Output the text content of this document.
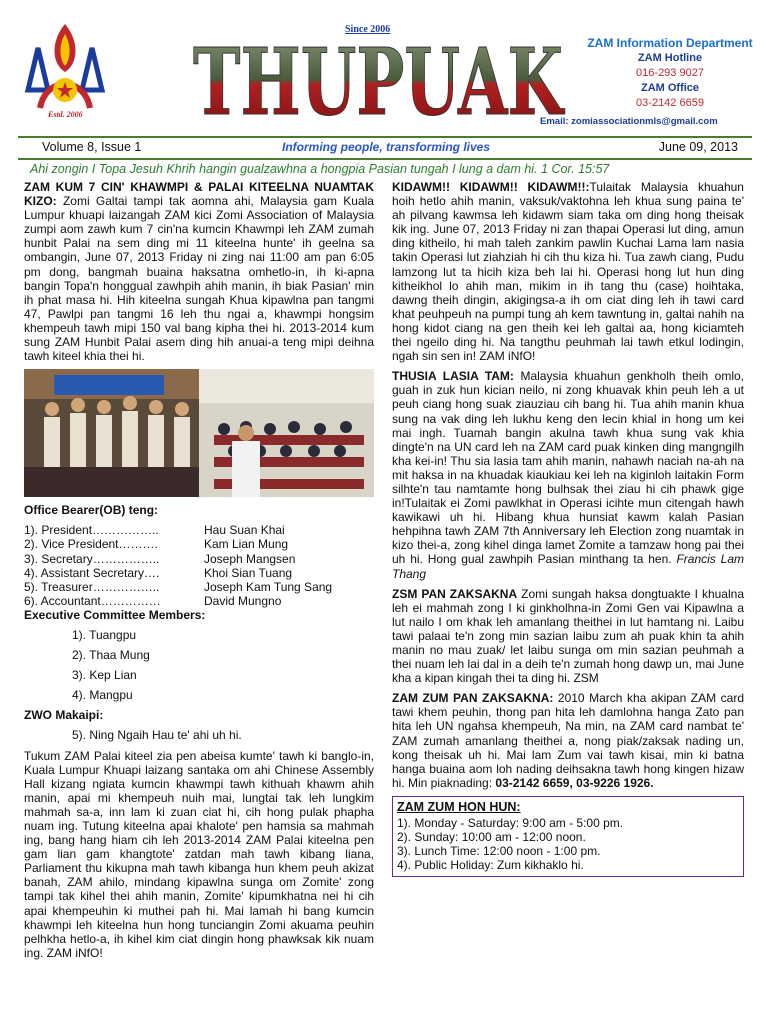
Estd. 2006
Since 2006
THUPUAK	ZAM Information Department
ZAM Hotline
016-293 9027
ZAM Office
03-2142 6659
Email: zomiassociationmls@gmail.com
Volume 8, Issue 1	Informing people, transforming lives	June 09, 2013
Ahi zongin I Topa Jesuh Khrih hangin gualzawhna a hongpia Pasian tungah I lung a dam hi. 1 Cor. 15:57

ZAM KUM 7 CIN' KHAWMPI & PALAI KITEELNA NUAMTAK KIZO: Zomi Galtai tampi tak aomna ahi, Malaysia gam Kuala Lumpur khuapi laizangah ZAM kici Zomi Association of Malaysia zumpi aom zawh kum 7 cin'na kumcin Khawmpi leh ZAM zumah hunbit Palai na sem ding mi 11 kiteelna hunte' ih geelna sa ombangin, June 07, 2013 Friday ni zing nai 11:00 am pan 6:05 pm dong, bangmah buaina haksatna omhetlo-in, ih ki-apna bangin Topa'n honggual zawhpih ahih manin, ih biak Pasian' min ih phat masa hi. Hih kiteelna sungah Khua kipawlna pan tangmi 47, Pawlpi pan tangmi 16 leh thu ngai a, khawmpi hongsim khempeuh tawh mipi 150 val bang kipha thei hi. 2013-2014 kum sung ZAM Hunbit Palai asem ding hih anuai-a teng mipi deihna tawh kiteel khia thei hi.

Office Bearer(OB) teng:

1). President……………..	Hau Suan Khai
2). Vice President……….	Kam Lian Mung
3). Secretary……………..	Joseph Mangsen
4). Assistant Secretary….	Khoi Sian Tuang
5). Treasurer……………..	Joseph Kam Tung Sang
6). Accountant……………	David Mungno

Executive Committee Members:

1). Tuangpu

2). Thaa Mung

3). Kep Lian

4). Mangpu

ZWO Makaipi:

5). Ning Ngaih Hau te' ahi uh hi.

Tukum ZAM Palai kiteel zia pen abeisa kumte' tawh ki banglo-in, Kuala Lumpur Khuapi laizang santaka om ahi Chinese Assembly Hall kizang ngiata kumcin khawmpi tawh kithuah khawm ahih manin, apai mi khempeuh nuih mai, lungtai tak leh lungkim mahmah sa-a, inn lam ki zuan ciat hi, cih hong pulak phapha nuam ing. Tutung kiteelna apai khalote' pen hamsia sa mahmah ing, bang hang hiam cih leh 2013-2014 ZAM Palai kiteelna pen gam lian gam khangtote' zatdan mah tawh kibang liana, Parliament thu kikupna mah tawh kibanga hun khem peuh akizat banah, ZAM ahilo, mindang kipawlna sunga om Zomite' zong tampi tak kihel thei ahih manin, Zomite' kipumkhatna nei hi cih apai khempeuhin ki muthei pah hi. Mai lamah hi bang kumcin khawmpi leh kiteelna hun hong tunciangin Zomi akuama peuhin pelhkha hetlo-a, ih kihel kim ciat dingin hong phawksak kik nuam ing. ZAM iNfO!

KIDAWM!! KIDAWM!! KIDAWM!!:Tulaitak Malaysia khuahun hoih hetlo ahih manin, vaksuk/vaktohna leh khua sung paina te' ah pilvang kawmsa leh kidawm siam taka om ding hong theisak kik ing. June 07, 2013 Friday ni zan thapai Operasi lut ding, amun ding kitheilo, hi mah taleh zankim pawlin Kuchai Lama lam nasia takin Operasi lut ziahziah hi cih thu kiza hi. Tua zawh ciang, Pudu lamzong lut ta hicih kiza beh lai hi. Operasi hong lut hun ding kitheikhol lo ahih man, mikim in ih tang thu (case) hoihtaka, dawng theih dingin, akigingsa-a ih om ciat ding leh ih tawi card khat peuhpeuh na pumpi tung ah kem tawntung in, galtai nahih na hong kidot ciang na gen theih kei leh galtai aa, hong kiciamteh thei ngeilo ding hi. Na tangthu peuhmah lai tawh etkul lodingin, ngah sin sen in! ZAM iNfO!

THUSIA LASIA TAM: Malaysia khuahun genkholh theih omlo, guah in zuk hun kician neilo, ni zong khuavak khin peuh leh a ut peuh ciang hong suak ziauziau cih bang hi. Tua ahih manin khua sung na vak ding leh lukhu keng den lecin khial in hong um kei mai ingh. Tuamah bangin akulna tawh khua sung vak khia dingte'n na UN card leh na ZAM card puak kinken ding mangngilh kha kei-in! Thu sia lasia tam ahih manin, nahawh naciah na-ah na mit haksa in na khuadak kiaukiau kei leh na kiginloh laitakin Form silhte'n tau namtamte hong bulhsak thei ziau hi cih phawk gige in!Tulaitak ei Zomi pawlkhat in Operasi icihte mun citengah hawh kawikawi uh hi. Hibang khua hunsiat kawm kalah Pasian hehpihna tawh ZAM 7th Anniversary leh Election zong nuamtak in kizo thei-a, zong kihel dinga lamet Zomite a tamzaw hong pai thei uh hi. Hong gual zawhpih Pasian minthang ta hen. Francis Lam Thang

ZSM PAN ZAKSAKNA Zomi sungah haksa dongtuakte I khualna leh ei mahmah zong I ki ginkholhna-in Zomi Gen vai Kipawlna a lut nailo I om khak leh amanlang theithei in lut hamtang ni. Laibu tawi palaai te'n zong min sazian laibu zum ah puak khin ta ahih manin no mau zuak/ let laibu sunga om min sazian peuhmah a thei nuam leh lai dal in a deih te'n zumah hong dawp un, mai June kha a kipan kingah thei ta ding hi. ZSM

ZAM ZUM PAN ZAKSAKNA: 2010 March kha akipan ZAM card tawi khem peuhin, thong pan hita leh damlohna hanga Zato pan hita leh UN ngahsa khempeuh, Na min, na ZAM card nambat te' ZAM zumah amanlang theithei a, nong piak/zaksak nading un, kong theisak uh hi. Mai lam Zum vai tawh kisai, min ki batna hanga buaina aom loh nading deihsakna tawh hong kingen hizaw hi. Min piaknading: 03-2142 6659, 03-9226 1926.

ZAM ZUM HON HUN:
1). Monday - Saturday: 9:00 am - 5:00 pm.
2). Sunday: 10:00 am - 12:00 noon.
3). Lunch Time: 12:00 noon - 1:00 pm.
4). Public Holiday: Zum kikhaklo hi.
